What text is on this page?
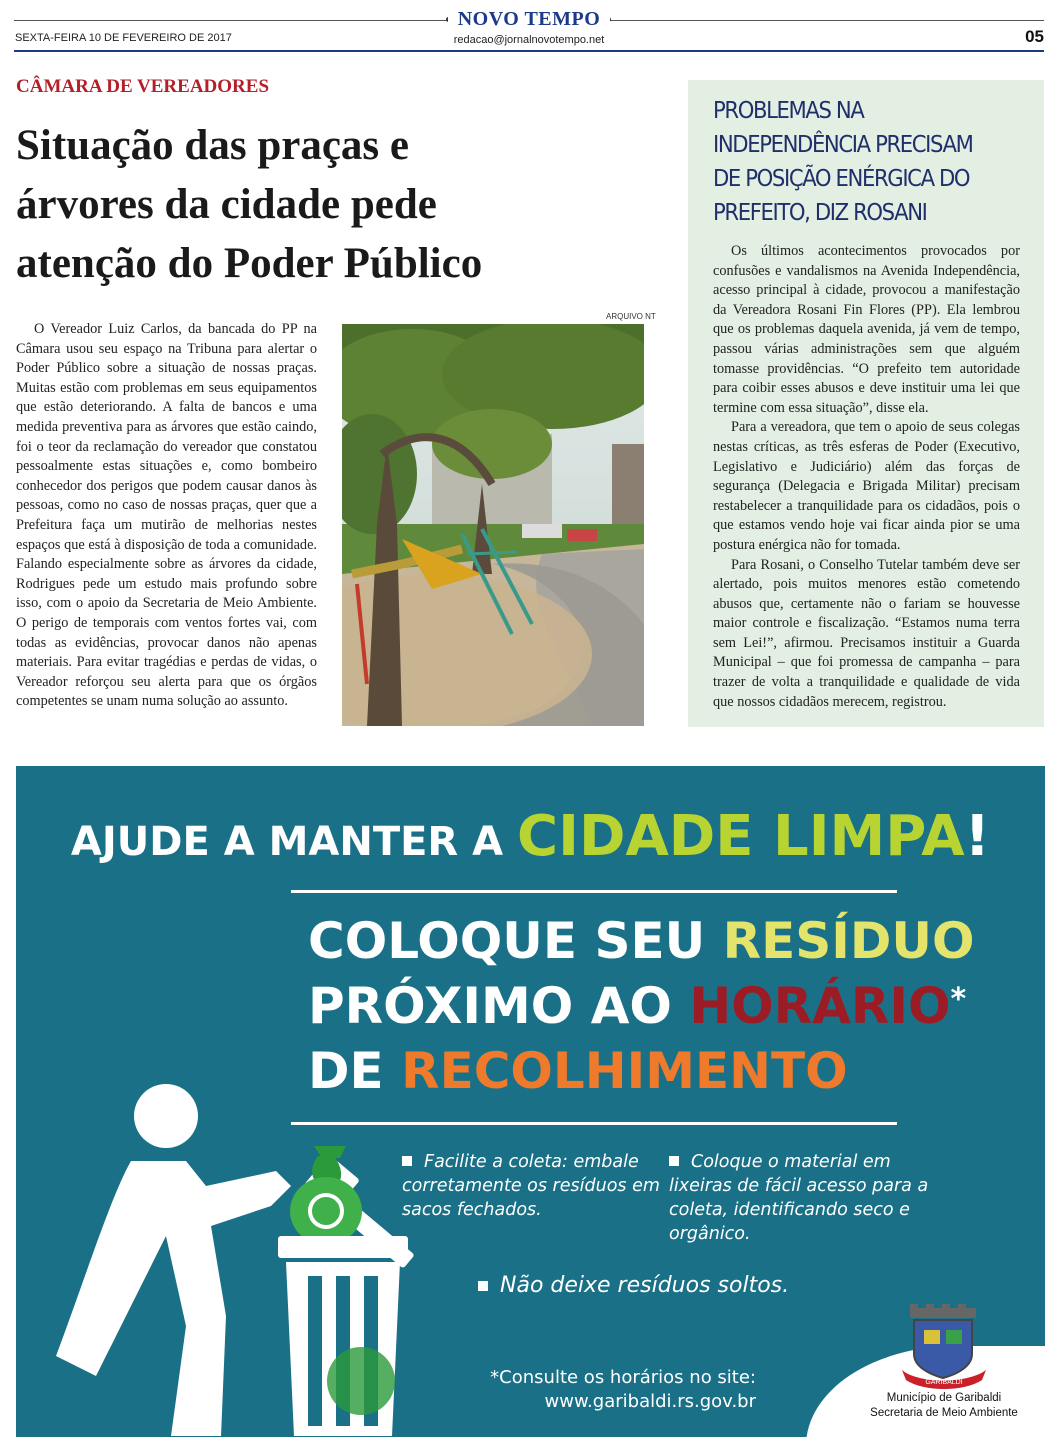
NOVO TEMPO
SEXTA-FEIRA 10 DE FEVEREIRO DE 2017	redacao@jornalnovotempo.net	05
CÂMARA DE VEREADORES
Situação das praças e
árvores da cidade pede
atenção do Poder Público

O Vereador Luiz Carlos, da bancada do PP na Câmara usou seu espaço na Tribuna para alertar o Poder Público sobre a situação de nossas praças. Muitas estão com problemas em seus equipamentos que estão deteriorando. A falta de bancos e uma medida preventiva para as árvores que estão caindo, foi o teor da reclamação do vereador que constatou pessoalmente estas situações e, como bombeiro conhecedor dos perigos que podem causar danos às pessoas, como no caso de nossas praças, quer que a Prefeitura faça um mutirão de melhorias nestes espaços que está à disposição de toda a comunidade. Falando especialmente sobre as árvores da cidade, Rodrigues pede um estudo mais profundo sobre isso, com o apoio da Secretaria de Meio Ambiente. O perigo de temporais com ventos fortes vai, com todas as evidências, provocar danos não apenas materiais. Para evitar tragédias e perdas de vidas, o Vereador reforçou seu alerta para que os órgãos competentes se unam numa solução ao assunto.

ARQUIVO NT
PROBLEMAS NA
INDEPENDÊNCIA PRECISAM
DE POSIÇÃO ENÉRGICA DO
PREFEITO, DIZ ROSANI

Os últimos acontecimentos provocados por confusões e vandalismos na Avenida Independência, acesso principal à cidade, provocou a manifestação da Vereadora Rosani Fin Flores (PP). Ela lembrou que os problemas daquela avenida, já vem de tempo, passou várias administrações sem que alguém tomasse providências. “O prefeito tem autoridade para coibir esses abusos e deve instituir uma lei que termine com essa situação”, disse ela.

Para a vereadora, que tem o apoio de seus colegas nestas críticas, as três esferas de Poder (Executivo, Legislativo e Judiciário) além das forças de segurança (Delegacia e Brigada Militar) precisam restabelecer a tranquilidade para os cidadãos, pois o que estamos vendo hoje vai ficar ainda pior se uma postura enérgica não for tomada.

Para Rosani, o Conselho Tutelar também deve ser alertado, pois muitos menores estão cometendo abusos que, certamente não o fariam se houvesse maior controle e fiscalização. “Estamos numa terra sem Lei!”, afirmou. Precisamos instituir a Guarda Municipal – que foi promessa de campanha – para trazer de volta a tranquilidade e qualidade de vida que nossos cidadãos merecem, registrou.

AJUDE A MANTER A CIDADE LIMPA!
COLOQUE SEU RESÍDUO
PRÓXIMO AO HORÁRIO*
DE RECOLHIMENTO
Facilite a coleta: embale corretamente os resíduos em sacos fechados.
Coloque o material em lixeiras de fácil acesso para a coleta, identificando seco e orgânico.
Não deixe resíduos soltos.
*Consulte os horários no site:
www.garibaldi.rs.gov.br
GARIBALDI
Município de Garibaldi
Secretaria de Meio Ambiente
